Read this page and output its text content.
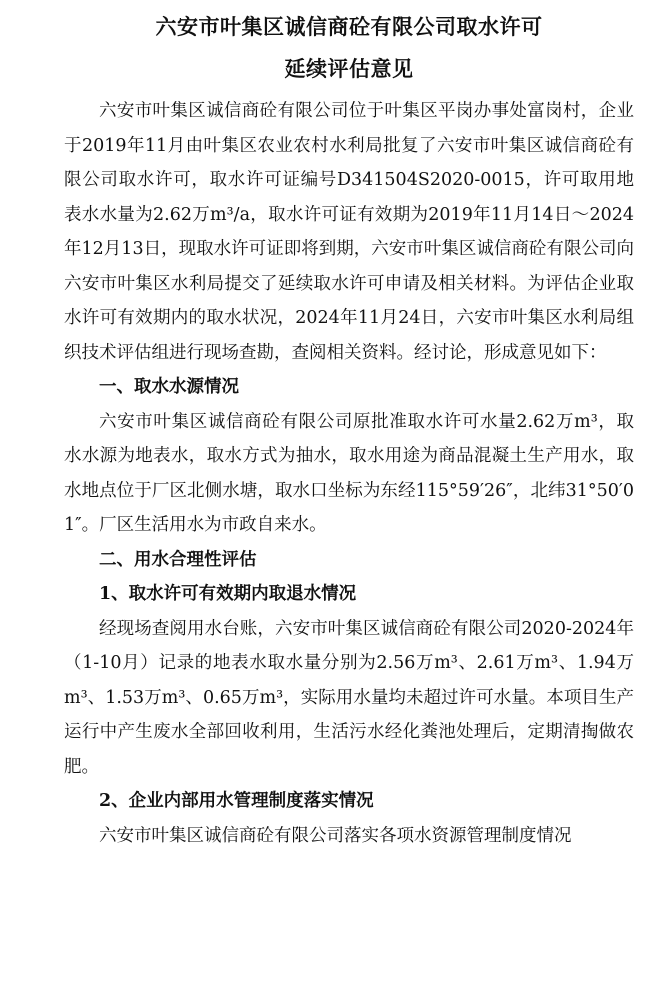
六安市叶集区诚信商砼有限公司取水许可
延续评估意见

六安市叶集区诚信商砼有限公司位于叶集区平岗办事处富岗村，企业于2019年11月由叶集区农业农村水利局批复了六安市叶集区诚信商砼有限公司取水许可，取水许可证编号D341504S2020-0015，许可取用地表水水量为2.62万m³/a，取水许可证有效期为2019年11月14日～2024年12月13日，现取水许可证即将到期，六安市叶集区诚信商砼有限公司向六安市叶集区水利局提交了延续取水许可申请及相关材料。为评估企业取水许可有效期内的取水状况，2024年11月24日，六安市叶集区水利局组织技术评估组进行现场查勘，查阅相关资料。经讨论，形成意见如下：

一、取水水源情况

六安市叶集区诚信商砼有限公司原批准取水许可水量2.62万m³，取水水源为地表水，取水方式为抽水，取水用途为商品混凝土生产用水，取水地点位于厂区北侧水塘，取水口坐标为东经115°59′26″，北纬31°50′01″。厂区生活用水为市政自来水。

二、用水合理性评估
1、取水许可有效期内取退水情况

经现场查阅用水台账，六安市叶集区诚信商砼有限公司2020-2024年（1-10月）记录的地表水取水量分别为2.56万m³、2.61万m³、1.94万m³、1.53万m³、0.65万m³，实际用水量均未超过许可水量。本项目生产运行中产生废水全部回收利用，生活污水经化粪池处理后，定期清掏做农肥。

2、企业内部用水管理制度落实情况

六安市叶集区诚信商砼有限公司落实各项水资源管理制度情况
